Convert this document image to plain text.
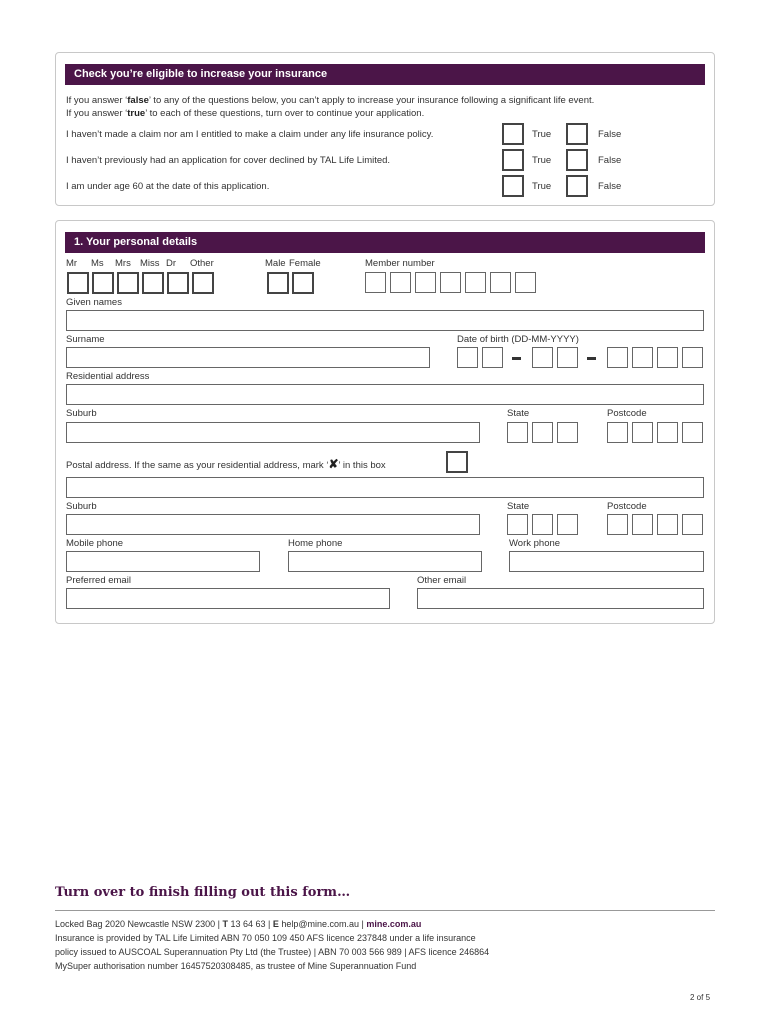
Check you’re eligible to increase your insurance
If you answer ‘false’ to any of the questions below, you can’t apply to increase your insurance following a significant life event.
If you answer ‘true’ to each of these questions, turn over to continue your application.
I haven’t made a claim nor am I entitled to make a claim under any life insurance policy.	True	False
I haven’t previously had an application for cover declined by TAL Life Limited.	True	False
I am under age 60 at the date of this application.	True	False
1. Your personal details
Mr Ms Mrs Miss Dr Other	Male Female	Member number
Given names
Surname	Date of birth (DD-MM-YYYY)
Residential address
Suburb	State	Postcode
Postal address. If the same as your residential address, mark ‘✘’ in this box
Suburb	State	Postcode
Mobile phone	Home phone	Work phone
Preferred email	Other email
Turn over to finish filling out this form…
Locked Bag 2020 Newcastle NSW 2300 | T 13 64 63 | E help@mine.com.au | mine.com.au
Insurance is provided by TAL Life Limited ABN 70 050 109 450 AFS licence 237848 under a life insurance
policy issued to AUSCOAL Superannuation Pty Ltd (the Trustee) | ABN 70 003 566 989 | AFS licence 246864
MySuper authorisation number 16457520308485, as trustee of Mine Superannuation Fund
2 of 5
